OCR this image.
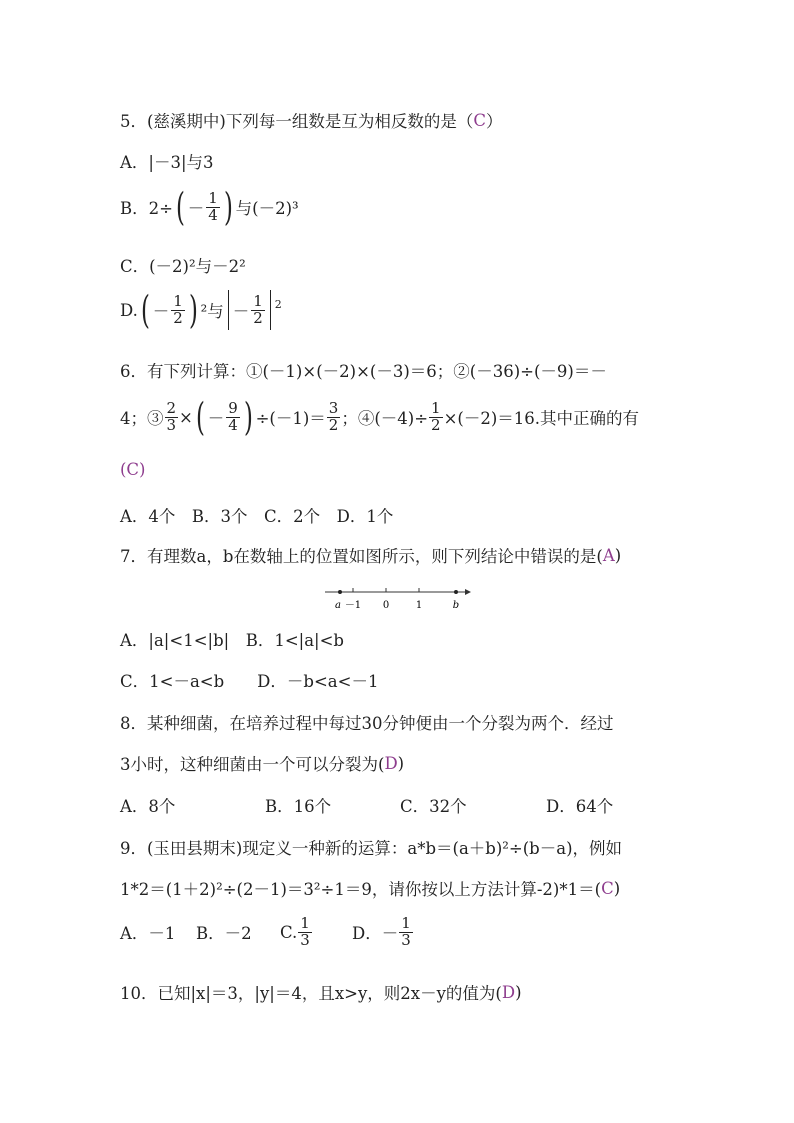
5．(慈溪期中)下列每一组数是互为相反数的是（ C ）
A．|－3|与3
B．2÷ ( － $\frac{1}{4}$ ) 与(－2)³
C．(－2)²与－2²
D. ( － $\frac{1}{2}$ ) ²与 － $\frac{1}{2} 2$
6．有下列计算：①(－1)×(－2)×(－3)＝6；②(－36)÷(－9)＝－
4；③ $\frac{2}{3}$ × ( － $\frac{9}{4}$ ) $\div(-1)= \frac{3}{2}$ ；④(－4)÷ $\frac{1}{2} \times(-2)=16$.其中正确的有
(C)
A．4个　B．3个　C．2个　D．1个
7．有理数a，b在数轴上的位置如图所示，则下列结论中错误的是( A )
a －1 0	1	b
A．|a|<1<|b|　B．1<|a|<b
C．1<－a<b　　D．－b<a<－1
8．某种细菌，在培养过程中每过30分钟便由一个分裂为两个．经过
3小时，这种细菌由一个可以分裂为( D )
A．8个	B．16个	C．32个	D．64个
9．(玉田县期末)现定义一种新的运算：a*b＝(a＋b)²÷(b－a)，例如
1*2＝(1＋2)²÷(2－1)＝3²÷1＝9，请你按以上方法计算-2)*1＝( C )
A．－1 B．－2 C. $\frac{1}{3}$ D．－ $\frac{1}{3}$
10．已知|x|＝3，|y|＝4，且x>y，则2x－y的值为( D )
